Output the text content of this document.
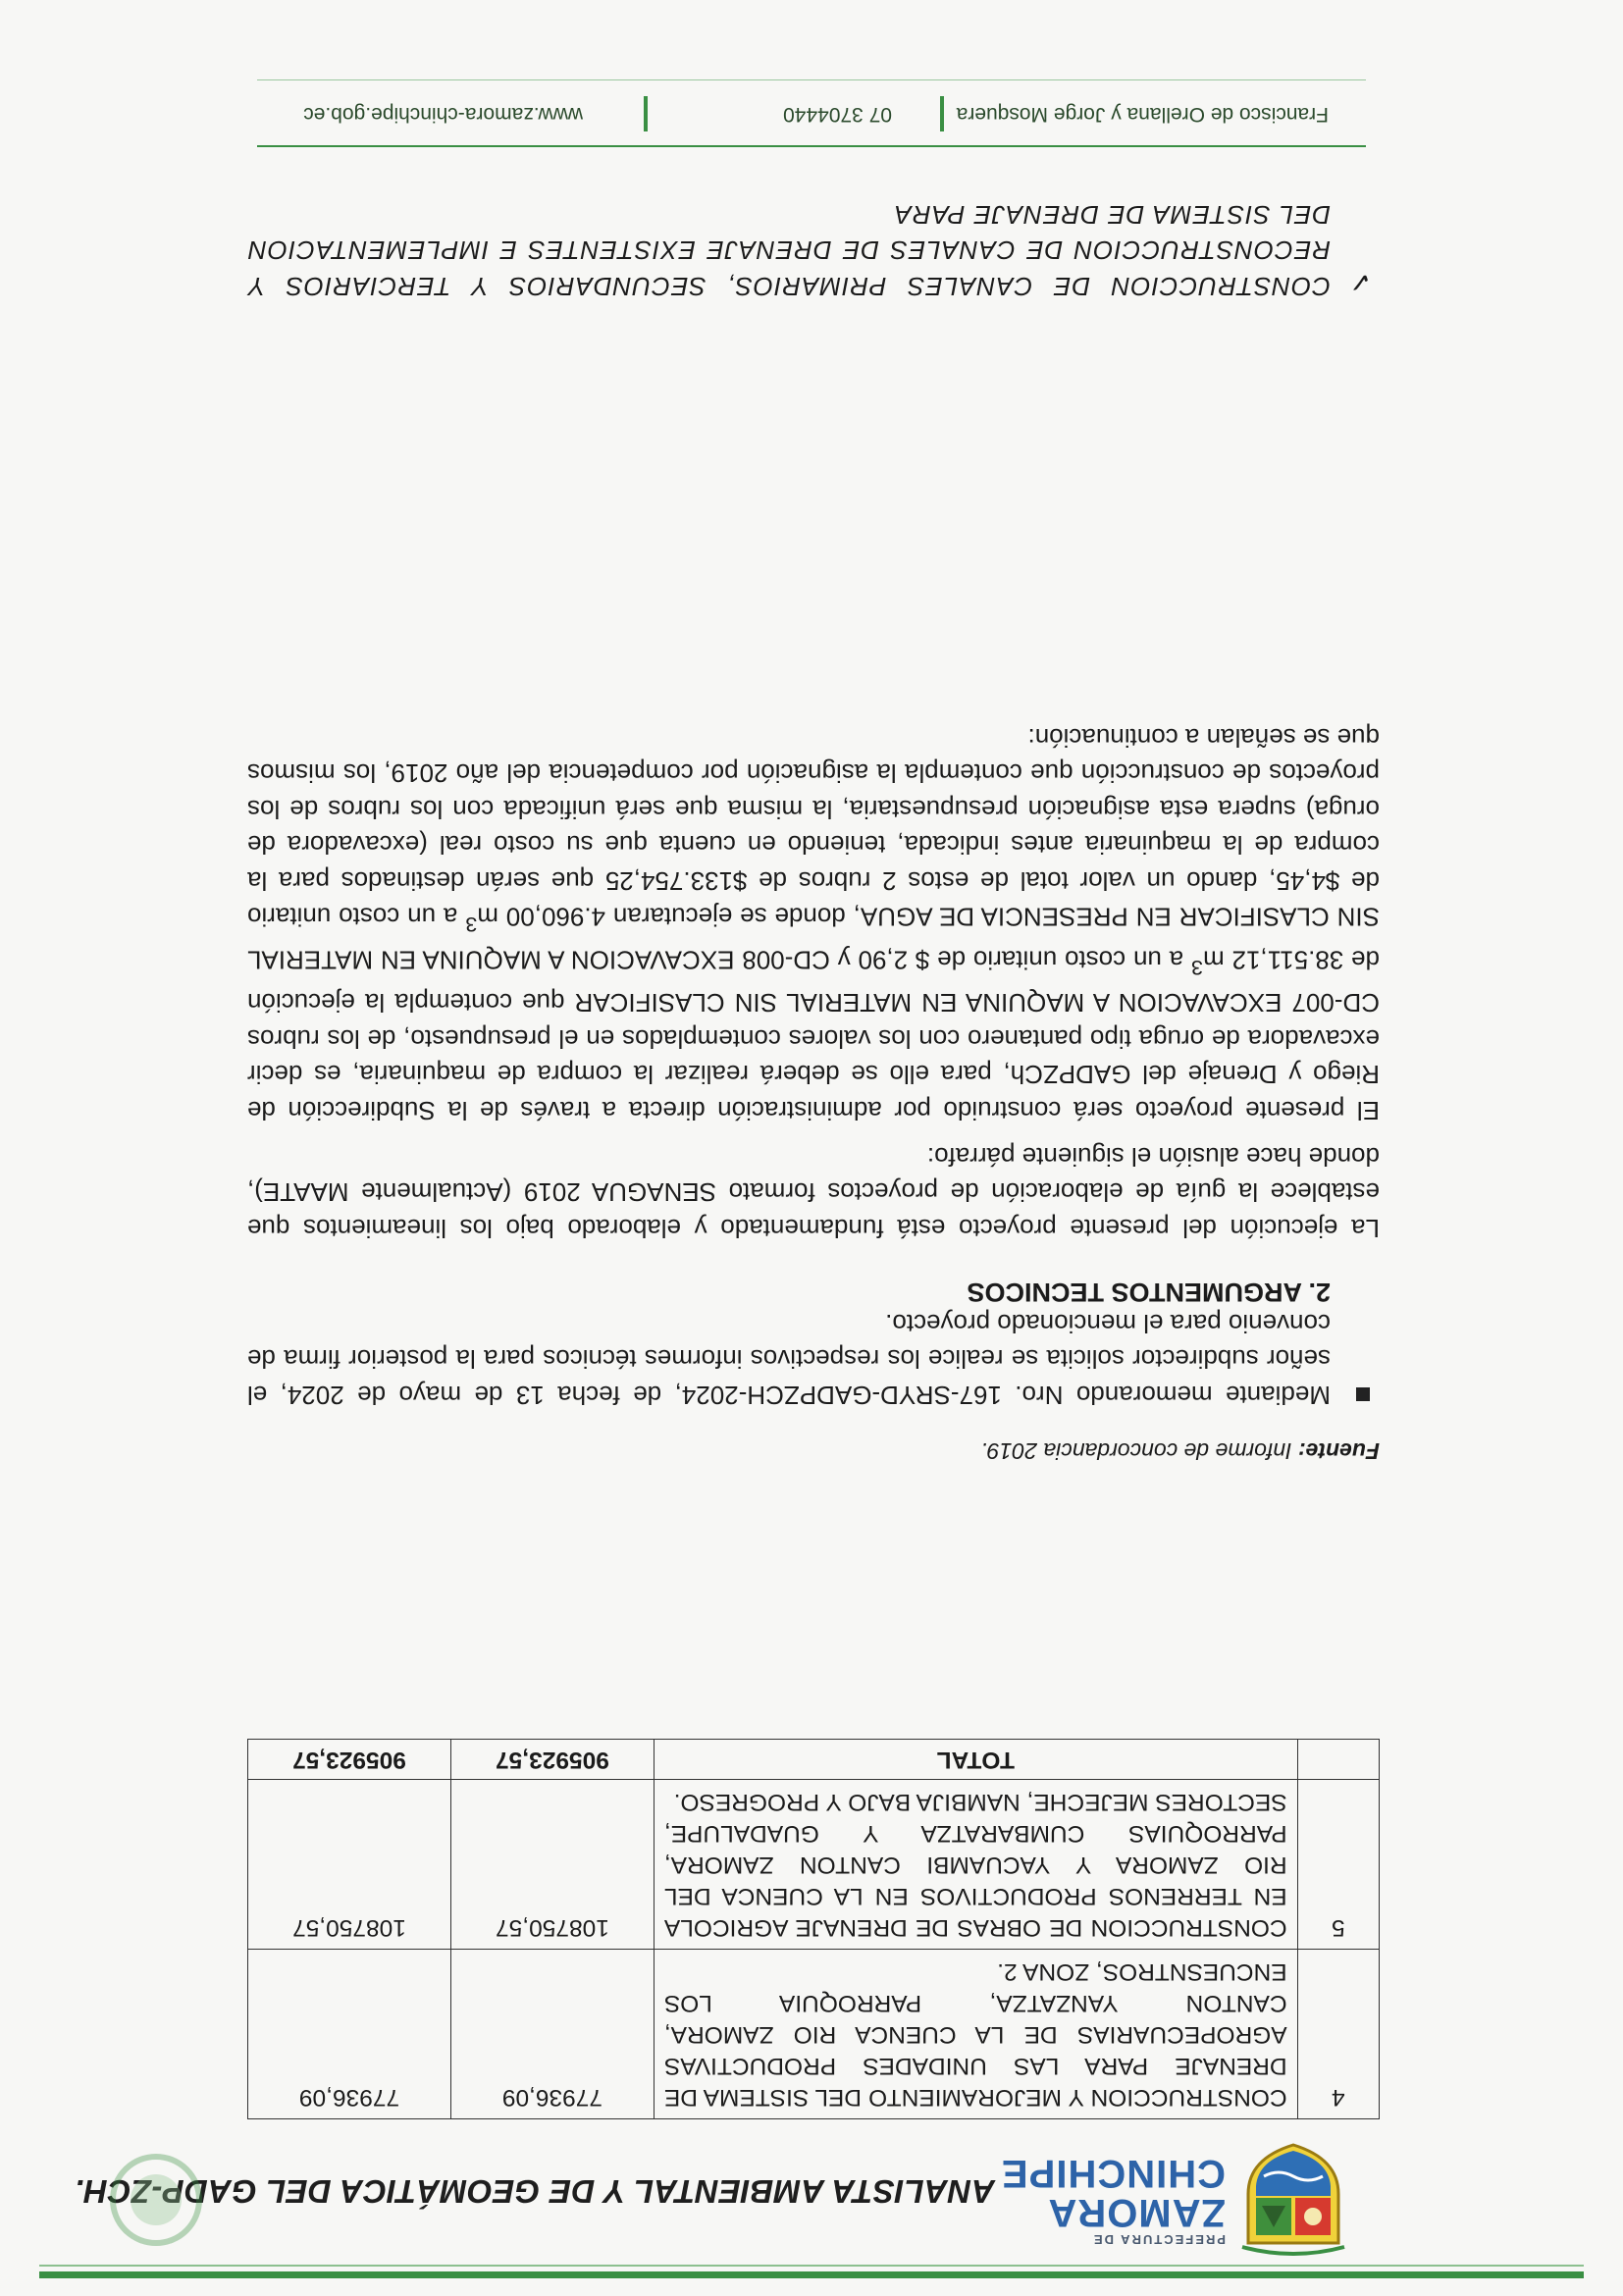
PREFECTURA DE
ZAMORA
CHINCHIPE
ANALISTA AMBIENTAL Y DE GEOMÁTICA DEL GADP-ZCH.
4	CONSTRUCCION Y MEJORAMIENTO DEL SISTEMA DE DRENAJE PARA LAS UNIDADES PRODUCTIVAS AGROPECUARIAS DE LA CUENCA RIO ZAMORA, CANTON YANZATZA, PARROQUIA LOS ENCUESNTROS, ZONA 2.	77936,09	77936,09
5	CONSTRUCCION DE OBRAS DE DRENAJE AGRICOLA EN TERRENOS PRODUCTIVOS EN LA CUENCA DEL RIO ZAMORA Y YACUAMBI CANTON ZAMORA, PARROQUIAS CUMBARATZA Y GUADALUPE, SECTORES MEJECHE, NAMBIJA BAJO Y PROGRESO.	108750,57	108750,57
	TOTAL	905923,57	905923,57
Fuente: Informe de concordancia 2019.
Mediante memorando Nro. 167-SRYD-GADPZCH-2024, de fecha 13 de mayo de 2024, el señor subdirector solicita se realice los respectivos informes técnicos para la posterior firma de convenio para el mencionado proyecto.
2. ARGUMENTOS TECNICOS
La ejecución del presente proyecto está fundamentado y elaborado bajo los lineamientos que establece la guía de elaboración de proyectos formato SENAGUA 2019 (Actualmente MAATE), donde hace alusión el siguiente párrafo:
El presente proyecto será construido por administración directa a través de la Subdirección de Riego y Drenaje del GADPZCh, para ello se deberá realizar la compra de maquinaria, es decir excavadora de oruga tipo pantanero con los valores contemplados en el presupuesto, de los rubros CD-007 EXCAVACION A MAQUINA EN MATERIAL SIN CLASIFICAR que contempla la ejecución de 38.511,12 $m^3$ a un costo unitario de $ 2,90 y CD-008 EXCAVACION A MAQUINA EN MATERIAL SIN CLASIFICAR EN PRESENCIA DE AGUA, donde se ejecutaran 4.960,00 $m^3$ a un costo unitario de $4,45, dando un valor total de estos 2 rubros de $133.754,25 que serán destinados para la compra de la maquinaria antes indicada, teniendo en cuenta que su costo real (excavadora de oruga) supera esta asignación presupuestaria, la misma que será unificada con los rubros de los proyectos de construcción que contempla la asignación por competencia del año 2019, los mismos que se señalan a continuación:
✓
CONSTRUCCION DE CANALES PRIMARIOS, SECUNDARIOS Y TERCIARIOS Y RECONSTRUCCION DE CANALES DE DRENAJE EXISTENTES E IMPLEMENTACION DEL SISTEMA DE DRENAJE PARA
Francisco de Orellana y Jorge Mosquera
07 3704440
www.zamora-chinchipe.gob.ec
